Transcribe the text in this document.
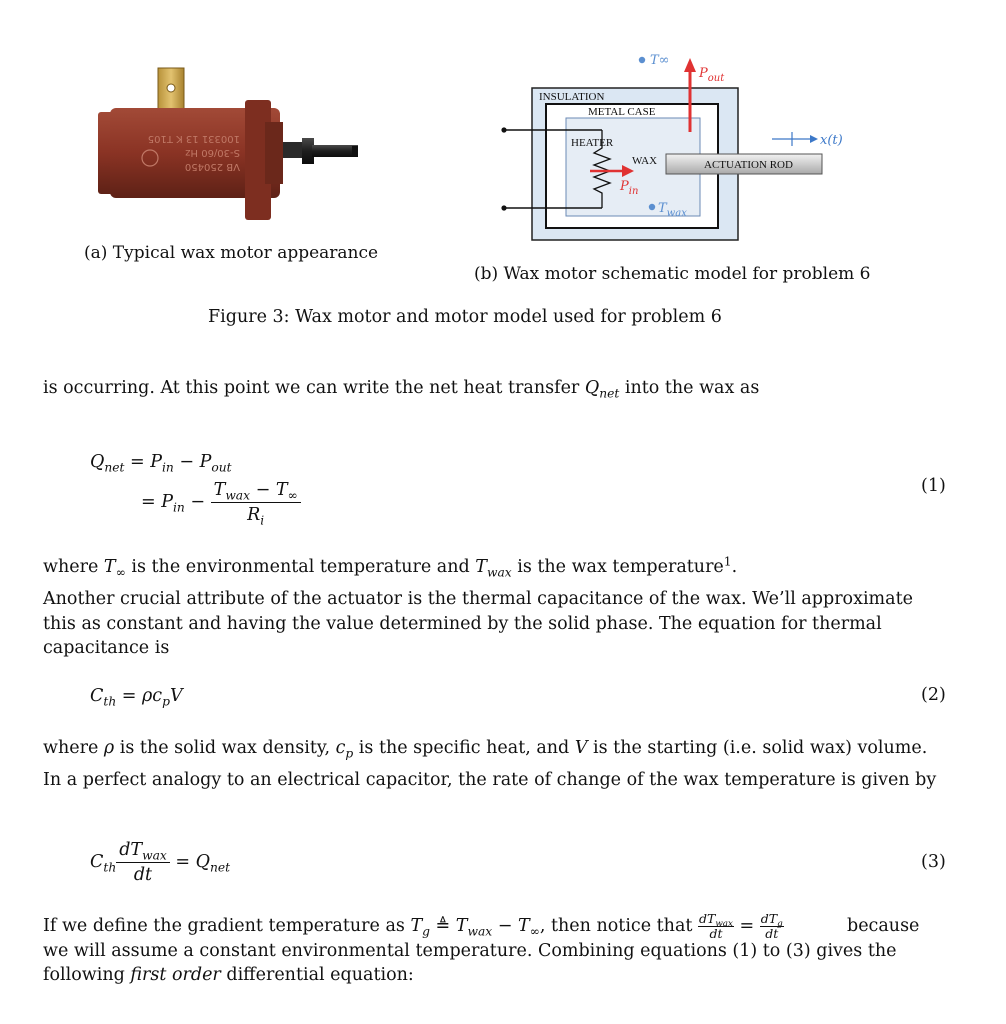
VB 250450
S-30/60 Hz
100331 13 K T105
(a) Typical wax motor appearance
T∞
$P_{out}$
INSULATION
METAL CASE
HEATER
WAX	ACTUATION ROD
x(t)
$P_{in}$
$T_{wax}$
(b) Wax motor schematic model for problem 6
Figure 3: Wax motor and motor model used for problem 6
is occurring. At this point we can write the net heat transfer $Q_{net}$ into the wax as
$Q_{net} = P_{in} - P_{out}$
= $P_{in} - \frac{T_{wax} - T_\infty}{R_i}$	(1)
where $T_\infty$ is the environmental temperature and $T_{wax}$ is the wax temperature$^1$.
Another crucial attribute of the actuator is the thermal capacitance of the wax. We’ll approximate this as constant and having the value determined by the solid phase. The equation for thermal capacitance is
$C_{th} = \rho c_pV$	(2)
where ρ is the solid wax density, $c_p$ is the specific heat, and V is the starting (i.e. solid wax) volume.
In a perfect analogy to an electrical capacitor, the rate of change of the wax temperature is given by
$C_{th} \frac{dT_{wax}}{dt} = Q_{net}$	(3)
If we define the gradient temperature as $T_g$ ≜ $T_{wax} - T_\infty$, then notice that $\frac{dT_{wax}}{dt} = \frac{dT_g}{dt}$	because we will assume a constant environmental temperature. Combining equations (1) to (3) gives the following first order differential equation:
